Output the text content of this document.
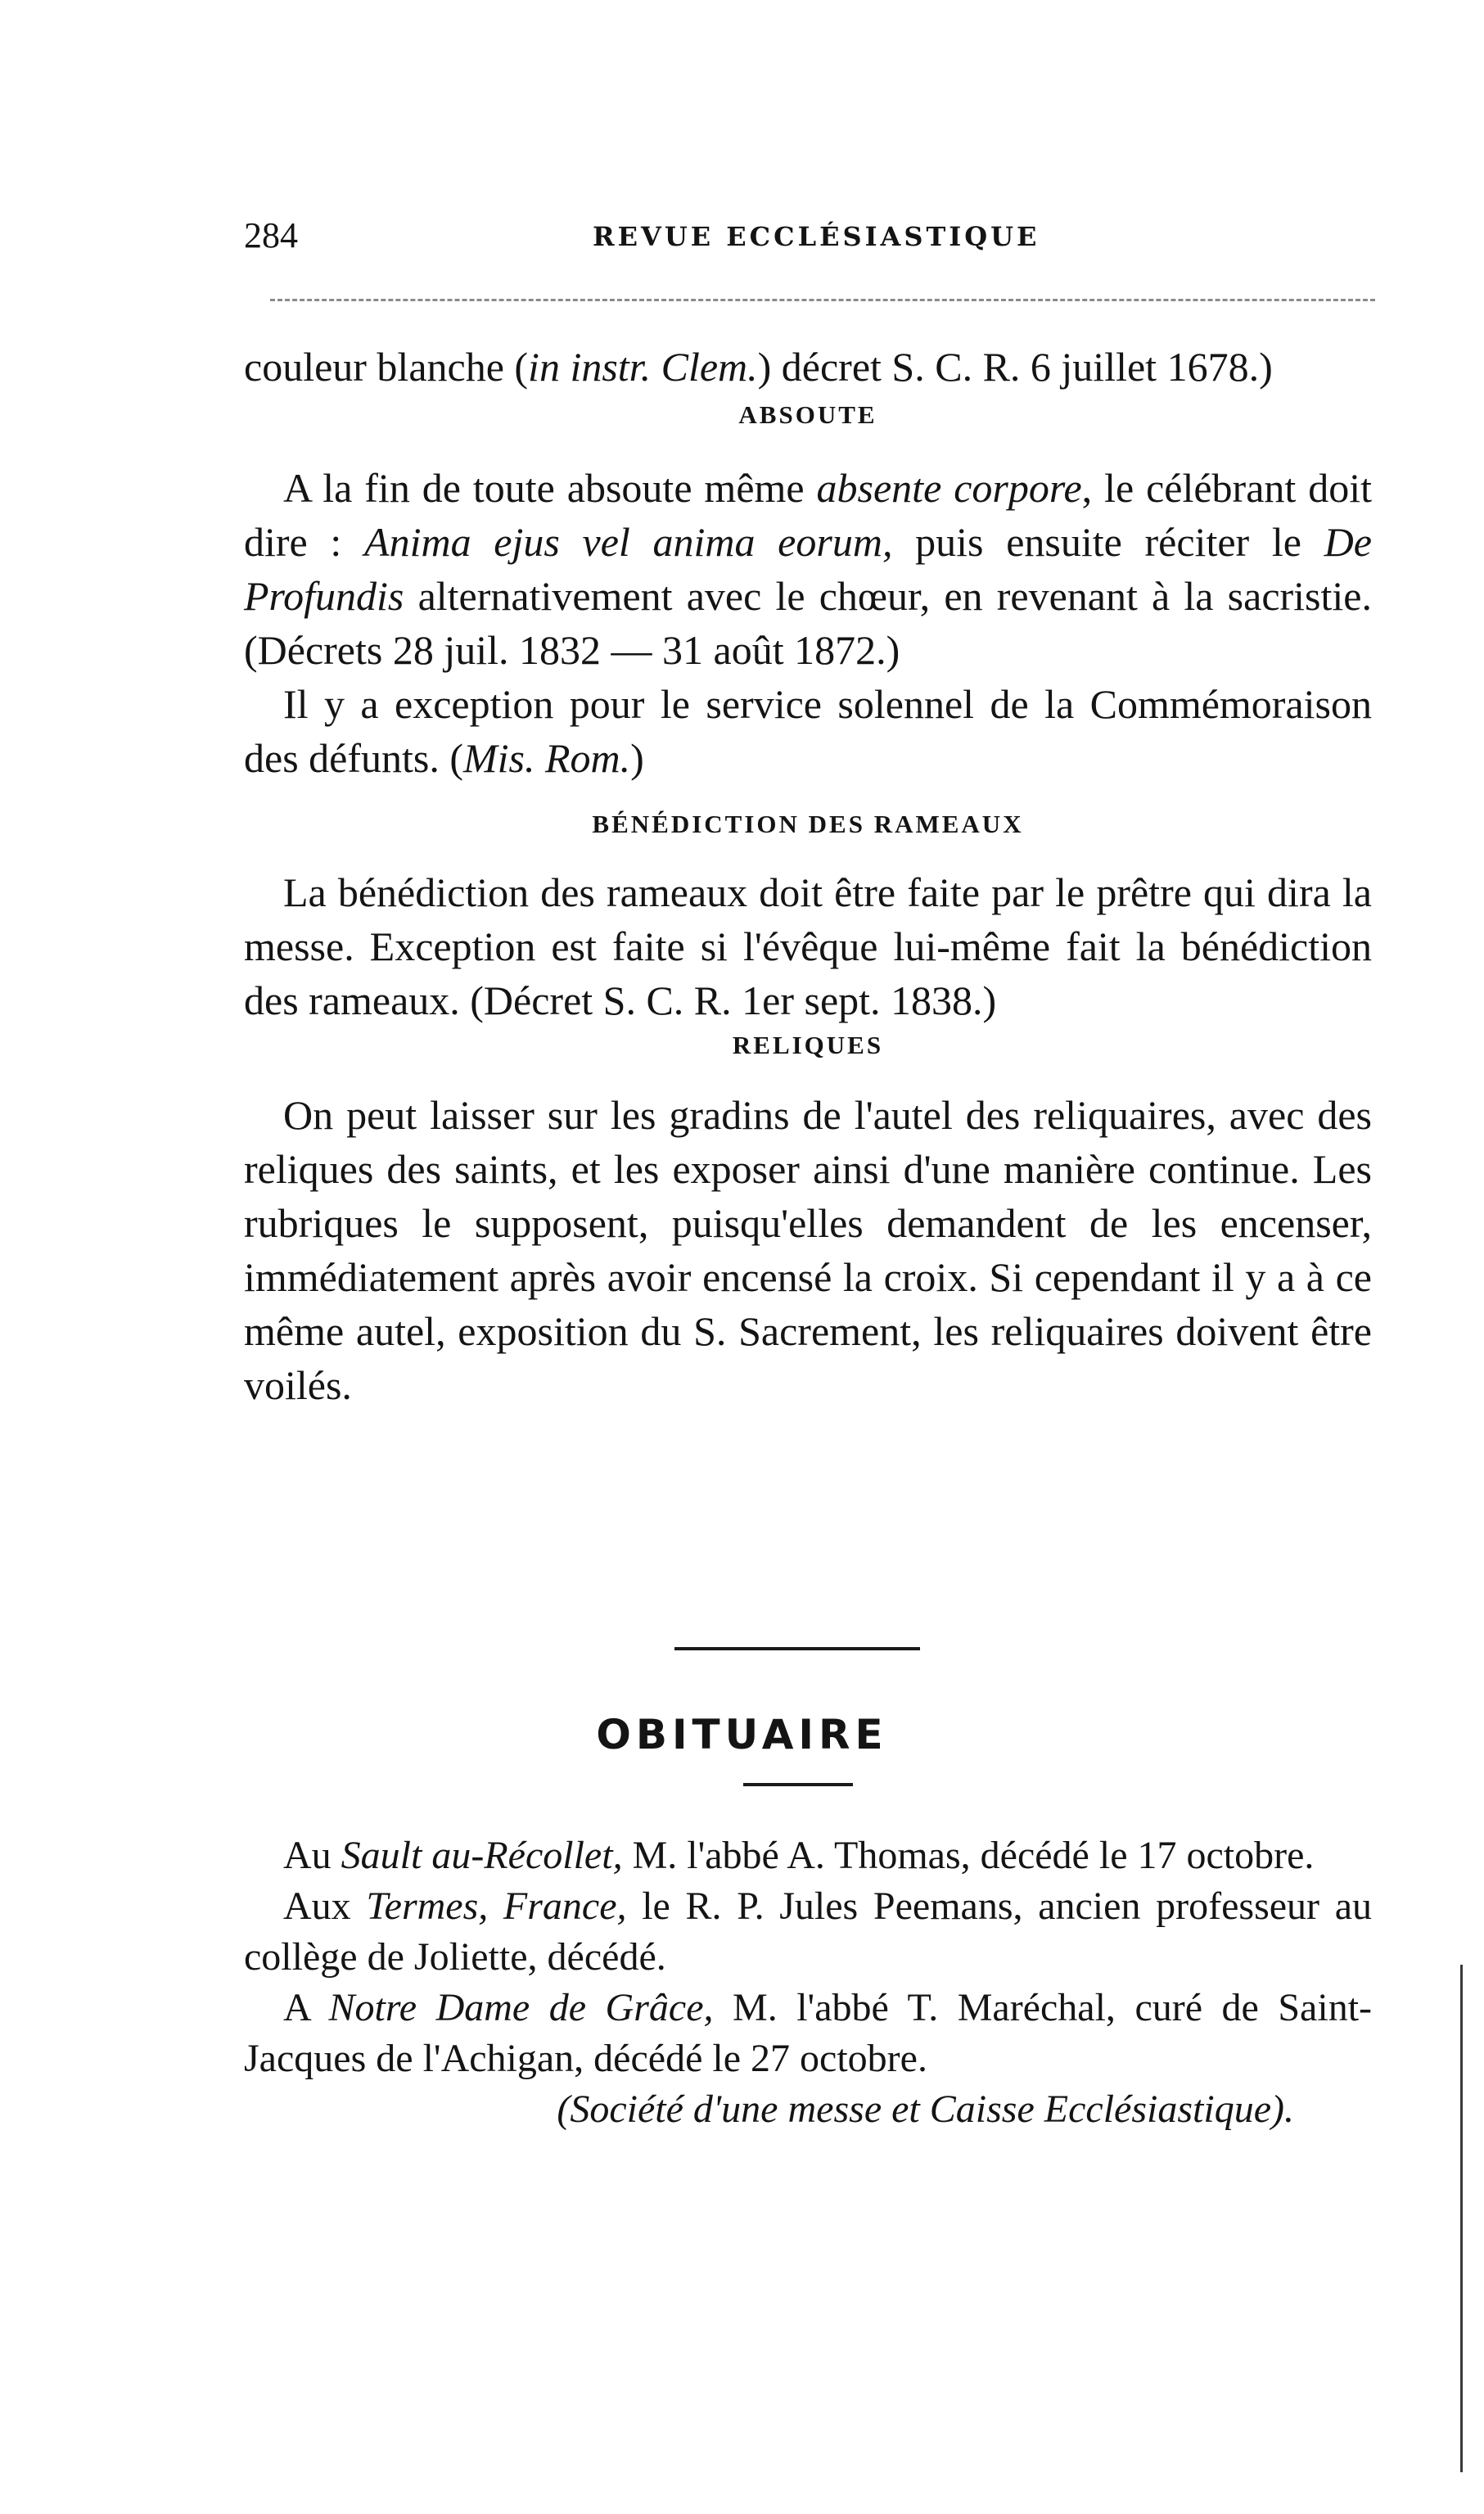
284	REVUE ECCLÉSIASTIQUE

couleur blanche (in instr. Clem.) décret S. C. R. 6 juillet 1678.)

ABSOUTE

A la fin de toute absoute même absente corpore, le célébrant doit dire : Anima ejus vel anima eorum, puis ensuite réciter le De Profundis alternativement avec le chœur, en revenant à la sacristie. (Décrets 28 juil. 1832 — 31 août 1872.)

Il y a exception pour le service solennel de la Commémoraison des défunts. (Mis. Rom.)

BÉNÉDICTION DES RAMEAUX

La bénédiction des rameaux doit être faite par le prêtre qui dira la messe. Exception est faite si l'évêque lui-même fait la bénédiction des rameaux. (Décret S. C. R. 1er sept. 1838.)

RELIQUES

On peut laisser sur les gradins de l'autel des reliquaires, avec des reliques des saints, et les exposer ainsi d'une manière continue. Les rubriques le supposent, puisqu'elles demandent de les encenser, immédiatement après avoir encensé la croix. Si cependant il y a à ce même autel, exposition du S. Sacrement, les reliquaires doivent être voilés.

OBITUAIRE

Au Sault au-Récollet, M. l'abbé A. Thomas, décédé le 17 octobre.

Aux Termes, France, le R. P. Jules Peemans, ancien professeur au collège de Joliette, décédé.

A Notre Dame de Grâce, M. l'abbé T. Maréchal, curé de Saint-Jacques de l'Achigan, décédé le 27 octobre.

(Société d'une messe et Caisse Ecclésiastique).
